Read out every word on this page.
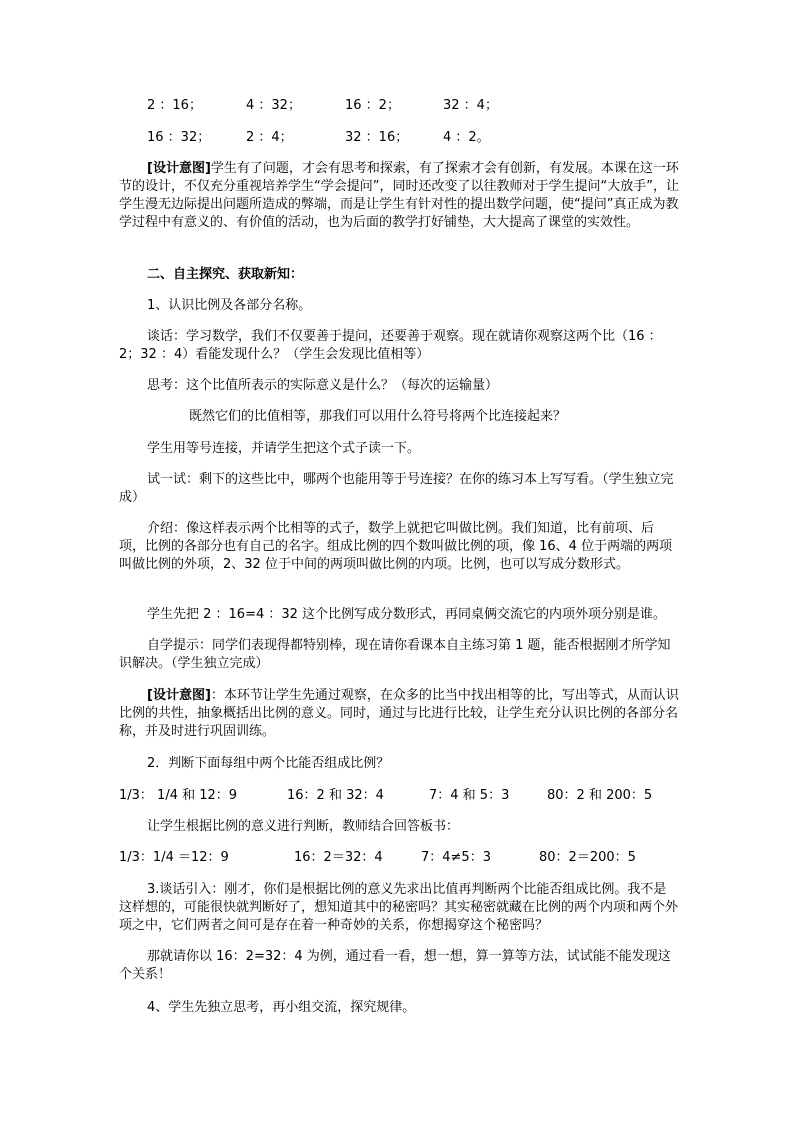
2 ：16；	4 ：32；	16 ：2；	32 ：4；
16 ：32；	2 ：4；	32 ：16；	4 ：2。

[设计意图]学生有了问题，才会有思考和探索，有了探索才会有创新，有发展。本课在这一环节的设计，不仅充分重视培养学生“学会提问”，同时还改变了以往教师对于学生提问“大放手”，让学生漫无边际提出问题所造成的弊端，而是让学生有针对性的提出数学问题，使“提问”真正成为教学过程中有意义的、有价值的活动，也为后面的教学打好铺垫，大大提高了课堂的实效性。

二、自主探究、获取新知：

1、认识比例及各部分名称。

谈话：学习数学，我们不仅要善于提问，还要善于观察。现在就请你观察这两个比（16 ：2；32 ：4）看能发现什么？（学生会发现比值相等）

思考：这个比值所表示的实际意义是什么？（每次的运输量）

既然它们的比值相等，那我们可以用什么符号将两个比连接起来？

学生用等号连接，并请学生把这个式子读一下。

试一试：剩下的这些比中，哪两个也能用等于号连接？在你的练习本上写写看。（学生独立完成）

介绍：像这样表示两个比相等的式子，数学上就把它叫做比例。我们知道，比有前项、后项，比例的各部分也有自己的名字。组成比例的四个数叫做比例的项，像 16、4 位于两端的两项叫做比例的外项，2、32 位于中间的两项叫做比例的内项。比例，也可以写成分数形式。

学生先把 2 ：16=4 ：32 这个比例写成分数形式，再同桌俩交流它的内项外项分别是谁。

自学提示：同学们表现得都特别棒，现在请你看课本自主练习第 1 题，能否根据刚才所学知识解决。（学生独立完成）

[设计意图]：本环节让学生先通过观察，在众多的比当中找出相等的比，写出等式，从而认识比例的共性，抽象概括出比例的意义。同时，通过与比进行比较，让学生充分认识比例的各部分名称，并及时进行巩固训练。

2．判断下面每组中两个比能否组成比例？

1/3： 1/4 和 12：9	16：2 和 32：4	7：4 和 5：3	80：2 和 200：5

让学生根据比例的意义进行判断，教师结合回答板书：

1/3：1/4 ＝12：9	16：2＝32：4	7：4≠5：3	80：2＝200：5

3.谈话引入：刚才，你们是根据比例的意义先求出比值再判断两个比能否组成比例。我不是这样想的，可能很快就判断好了，想知道其中的秘密吗？其实秘密就藏在比例的两个内项和两个外项之中，它们两者之间可是存在着一种奇妙的关系，你想揭穿这个秘密吗？

那就请你以 16：2=32：4 为例，通过看一看，想一想，算一算等方法，试试能不能发现这个关系！

4、学生先独立思考，再小组交流，探究规律。
